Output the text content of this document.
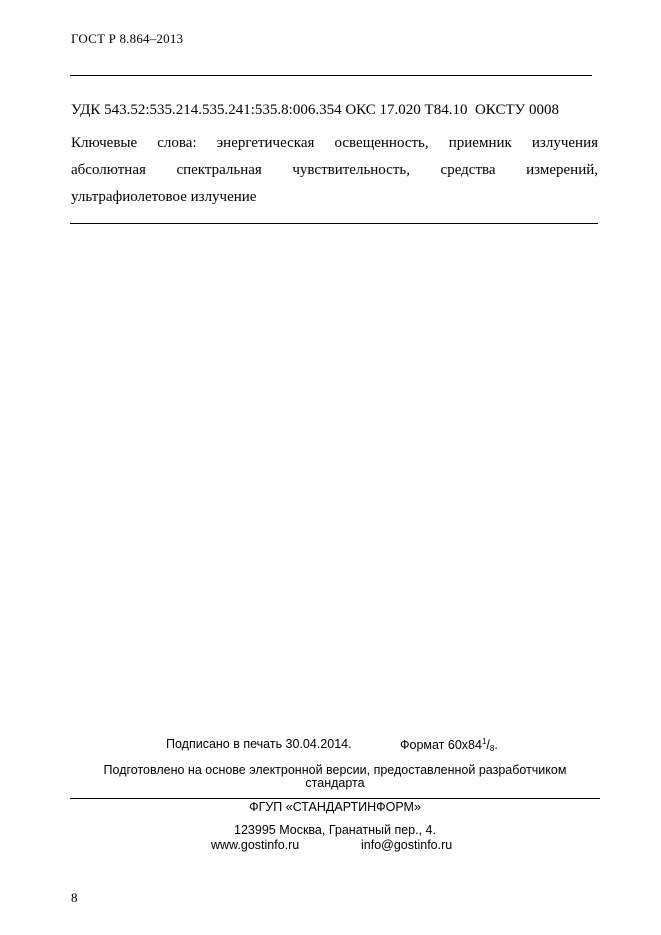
ГОСТ Р 8.864–2013
УДК 543.52:535.214.535.241:535.8:006.354 ОКС 17.020 Т84.10  ОКСТУ 0008
Ключевые слова: энергетическая освещенность, приемник излучения
абсолютная спектральная чувствительность, средства измерений,
ультрафиолетовое излучение
Подписано в печать 30.04.2014.	Формат $60x84^1/_8$.
Подготовлено на основе электронной версии, предоставленной разработчиком
стандарта
ФГУП «СТАНДАРТИНФОРМ»
123995 Москва, Гранатный пер., 4.
www.gostinfo.ru	info@gostinfo.ru
8
